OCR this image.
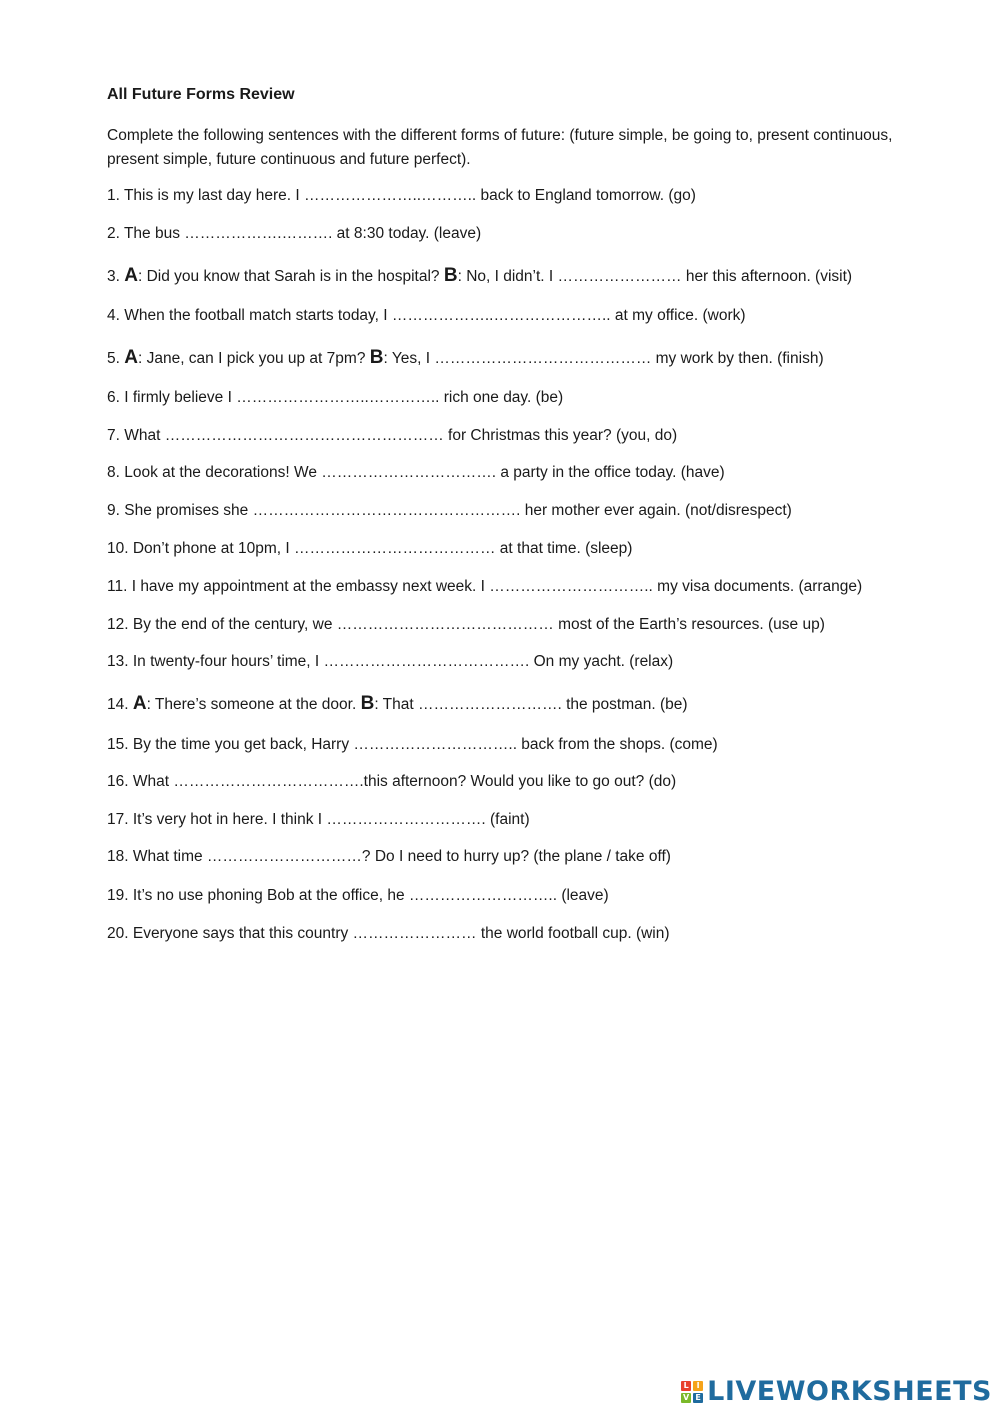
All Future Forms Review
Complete the following sentences with the different forms of future: (future simple, be going to, present continuous, present simple, future continuous and future perfect).
1. This is my last day here. I …………………..……….. back to England tomorrow. (go)
2. The bus ……………….………. at 8:30 today. (leave)
3. A: Did you know that Sarah is in the hospital? B: No, I didn’t. I …………………… her this afternoon. (visit)
4. When the football match starts today, I ………………..………………….. at my office. (work)
5. A: Jane, can I pick you up at 7pm? B: Yes, I …………………………………… my work by then. (finish)
6. I firmly believe I ……………………..………….. rich one day. (be)
7. What ……………………………………………… for Christmas this year? (you, do)
8. Look at the decorations! We ……………………………. a party in the office today. (have)
9. She promises she ……………………………………………. her mother ever again. (not/disrespect)
10. Don’t phone at 10pm, I ………………………………… at that time. (sleep)
11. I have my appointment at the embassy next week. I ………………………….. my visa documents. (arrange)
12. By the end of the century, we …………………………………… most of the Earth’s resources. (use up)
13. In twenty-four hours’ time, I …………………………………. On my yacht. (relax)
14. A: There’s someone at the door. B: That ………………………. the postman. (be)
15. By the time you get back, Harry ………………………….. back from the shops. (come)
16. What ……………………………….this afternoon? Would you like to go out? (do)
17. It’s very hot in here. I think I …………………………. (faint)
18. What time …………………………? Do I need to hurry up? (the plane / take off)
19. It’s no use phoning Bob at the office, he ……………………….. (leave)
20. Everyone says that this country …………………… the world football cup. (win)
L I
V E LIVEWORKSHEETS
